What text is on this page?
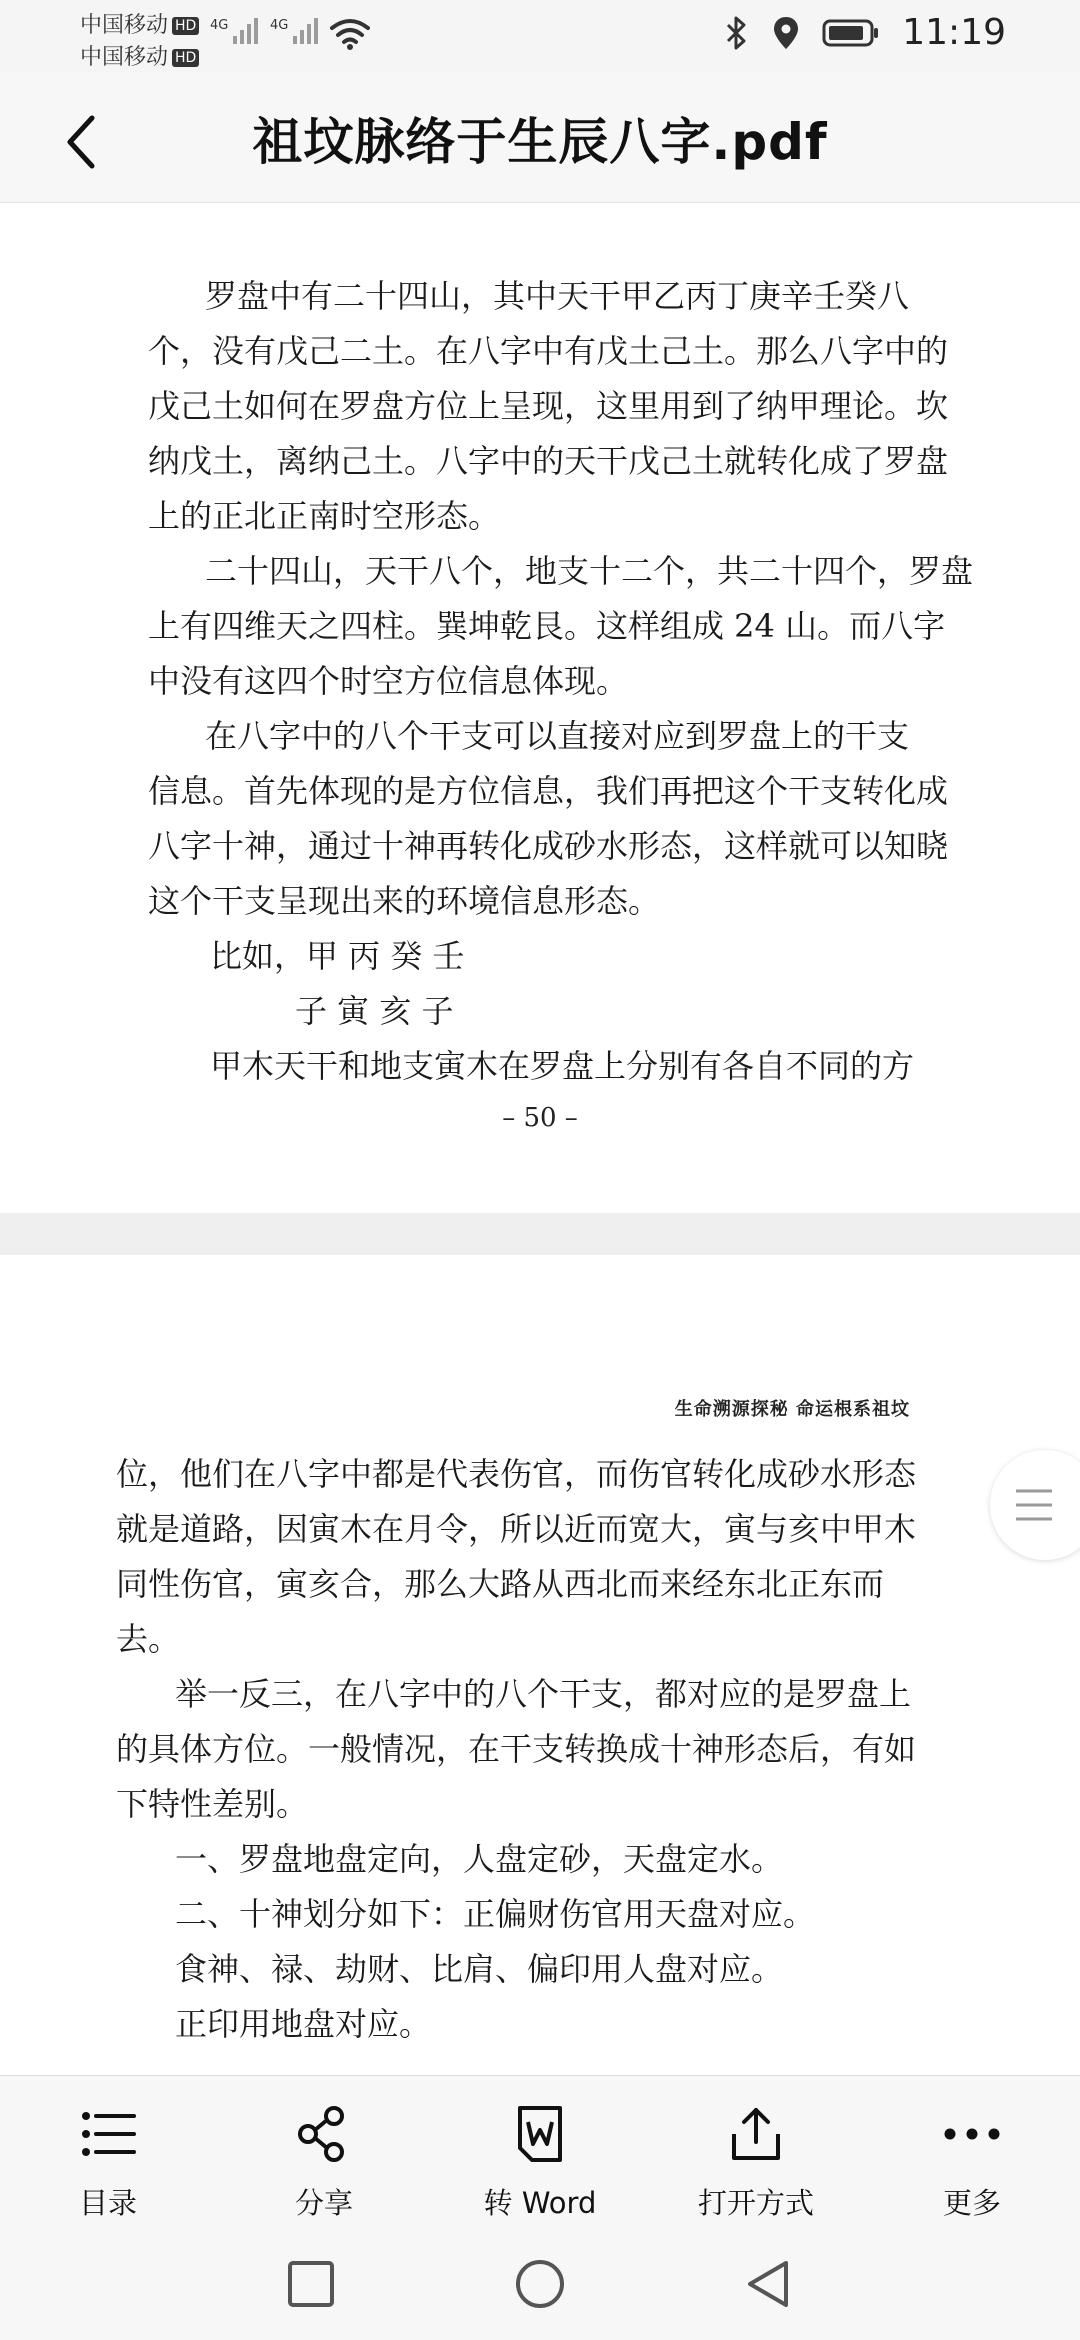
中国移动 HD
中国移动 HD
4G	4G	11:19
祖坟脉络于生辰八字.pdf

罗盘中有二十四山，其中天干甲乙丙丁庚辛壬癸八

个，没有戊己二土。在八字中有戊土己土。那么八字中的

戊己土如何在罗盘方位上呈现，这里用到了纳甲理论。坎

纳戊土，离纳己土。八字中的天干戊己土就转化成了罗盘

上的正北正南时空形态。

二十四山，天干八个，地支十二个，共二十四个，罗盘

上有四维天之四柱。巽坤乾艮。这样组成 24 山。而八字

中没有这四个时空方位信息体现。

在八字中的八个干支可以直接对应到罗盘上的干支

信息。首先体现的是方位信息，我们再把这个干支转化成

八字十神，通过十神再转化成砂水形态，这样就可以知晓

这个干支呈现出来的环境信息形态。

比如，甲 丙 癸 壬

子 寅 亥 子

甲木天干和地支寅木在罗盘上分别有各自不同的方

– 50 –
生命溯源探秘 命运根系祖坟

位，他们在八字中都是代表伤官，而伤官转化成砂水形态

就是道路，因寅木在月令，所以近而宽大，寅与亥中甲木

同性伤官，寅亥合，那么大路从西北而来经东北正东而

去。

举一反三，在八字中的八个干支，都对应的是罗盘上

的具体方位。一般情况，在干支转换成十神形态后，有如

下特性差别。

一、罗盘地盘定向，人盘定砂，天盘定水。

二、十神划分如下：正偏财伤官用天盘对应。

食神、禄、劫财、比肩、偏印用人盘对应。

正印用地盘对应。

目录	分享	转 Word	打开方式	更多
